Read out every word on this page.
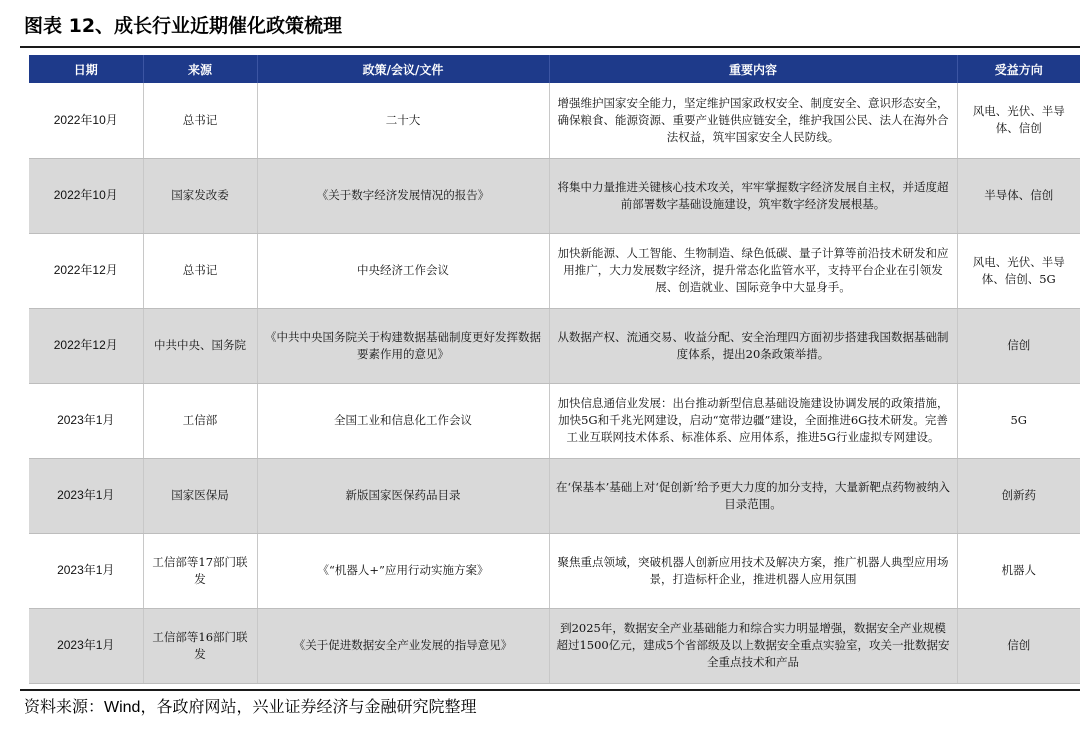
图表 12、成长行业近期催化政策梳理
日期	来源	政策/会议/文件	重要内容	受益方向
2022年10月	总书记	二十大	增强维护国家安全能力，坚定维护国家政权安全、制度安全、意识形态安全，确保粮食、能源资源、重要产业链供应链安全，维护我国公民、法人在海外合法权益，筑牢国家安全人民防线。	风电、光伏、半导体、信创
2022年10月	国家发改委	《关于数字经济发展情况的报告》	将集中力量推进关键核心技术攻关，牢牢掌握数字经济发展自主权，并适度超前部署数字基础设施建设，筑牢数字经济发展根基。	半导体、信创
2022年12月	总书记	中央经济工作会议	加快新能源、人工智能、生物制造、绿色低碳、量子计算等前沿技术研发和应用推广，大力发展数字经济，提升常态化监管水平，支持平台企业在引领发展、创造就业、国际竞争中大显身手。	风电、光伏、半导体、信创、5G
2022年12月	中共中央、国务院	《中共中央国务院关于构建数据基础制度更好发挥数据要素作用的意见》	从数据产权、流通交易、收益分配、安全治理四方面初步搭建我国数据基础制度体系，提出20条政策举措。	信创
2023年1月	工信部	全国工业和信息化工作会议	加快信息通信业发展：出台推动新型信息基础设施建设协调发展的政策措施，加快5G和千兆光网建设，启动“宽带边疆”建设，全面推进6G技术研发。完善工业互联网技术体系、标准体系、应用体系，推进5G行业虚拟专网建设。	5G
2023年1月	国家医保局	新版国家医保药品目录	在‘保基本’基础上对‘促创新’给予更大力度的加分支持，大量新靶点药物被纳入目录范围。	创新药
2023年1月	工信部等17部门联发	《“机器人+”应用行动实施方案》	聚焦重点领域，突破机器人创新应用技术及解决方案，推广机器人典型应用场景，打造标杆企业，推进机器人应用氛围	机器人
2023年1月	工信部等16部门联发	《关于促进数据安全产业发展的指导意见》	到2025年，数据安全产业基础能力和综合实力明显增强，数据安全产业规模超过1500亿元，建成5个省部级及以上数据安全重点实验室，攻关一批数据安全重点技术和产品	信创
资料来源：Wind，各政府网站，兴业证券经济与金融研究院整理
